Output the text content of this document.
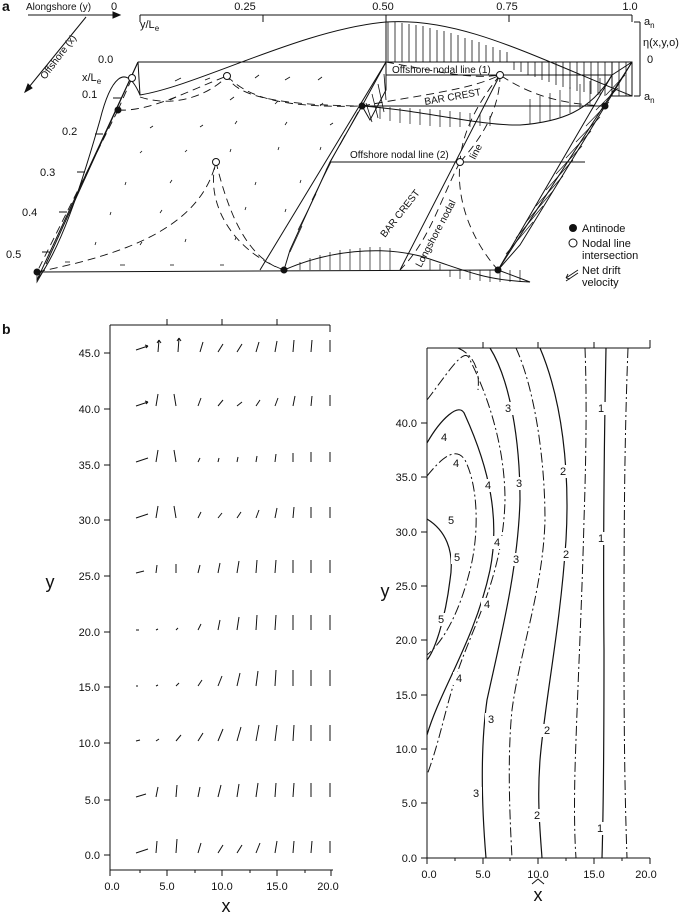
a Alongshore (y)
Offshore (x)
0	0.25	0.50	0.75	1.0
$y/L_e$
0.0
0.1
0.2
0.3
0.4
0.5
$x/L_e$
$a_n$
η(x,y,o)
0
$a_n$
Offshore nodal line (1)
BAR CREST
Offshore nodal line (2)
BAR CREST
Longshore nodal
line
Antinode
Nodal line
intersection
Net drift
velocity
b
0.0	5.0	10.0	15.0	20.0
0.0
5.0
10.0
15.0
20.0
25.0
30.0
35.0
40.0
45.0
x
y
1
1
1
2
2
2
2
3
3
3
3
3
4
4
4
4
4
4
5
5
5
0.0	5.0	10.0	15.0	20.0
0.0
5.0
10.0
15.0
20.0
25.0
30.0
35.0
40.0
x
y
